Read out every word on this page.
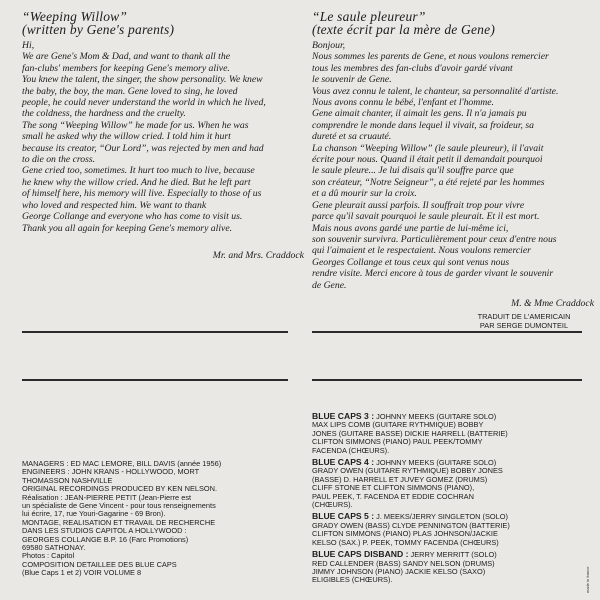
“Weeping Willow”
(written by Gene's parents)
Hi,
We are Gene's Mom & Dad, and want to thank all the
fan-clubs' members for keeping Gene's memory alive.
You knew the talent, the singer, the show personality. We knew
the baby, the boy, the man. Gene loved to sing, he loved
people, he could never understand the world in which he lived,
the coldness, the hardness and the cruelty.
The song “Weeping Willow” he made for us. When he was
small he asked why the willow cried. I told him it hurt
because its creator, “Our Lord”, was rejected by men and had
to die on the cross.
Gene cried too, sometimes. It hurt too much to live, because
he knew why the willow cried. And he died. But he left part
of himself here, his memory will live. Especially to those of us
who loved and respected him. We want to thank
George Collange and everyone who has come to visit us.
Thank you all again for keeping Gene's memory alive.
Mr. and Mrs. Craddock
“Le saule pleureur”
(texte écrit par la mère de Gene)
Bonjour,
Nous sommes les parents de Gene, et nous voulons remercier
tous les membres des fan-clubs d'avoir gardé vivant
le souvenir de Gene.
Vous avez connu le talent, le chanteur, sa personnalité d'artiste.
Nous avons connu le bébé, l'enfant et l'homme.
Gene aimait chanter, il aimait les gens. Il n'a jamais pu
comprendre le monde dans lequel il vivait, sa froideur, sa
dureté et sa cruauté.
La chanson “Weeping Willow” (le saule pleureur), il l'avait
écrite pour nous. Quand il était petit il demandait pourquoi
le saule pleure... Je lui disais qu'il souffre parce que
son créateur, “Notre Seigneur”, a été rejeté par les hommes
et a dû mourir sur la croix.
Gene pleurait aussi parfois. Il souffrait trop pour vivre
parce qu'il savait pourquoi le saule pleurait. Et il est mort.
Mais nous avons gardé une partie de lui-même ici,
son souvenir survivra. Particulièrement pour ceux d'entre nous
qui l'aimaient et le respectaient. Nous voulons remercier
Georges Collange et tous ceux qui sont venus nous
rendre visite. Merci encore à tous de garder vivant le souvenir
de Gene.
M. & Mme Craddock
TRADUIT DE L'AMERICAIN
PAR SERGE DUMONTEIL
MANAGERS : ED MAC LEMORE, BILL DAVIS (année 1956)
ENGINEERS : JOHN KRANS - HOLLYWOOD, MORT
THOMASSON NASHVILLE
ORIGINAL RECORDINGS PRODUCED BY KEN NELSON.
Réalisation : JEAN-PIERRE PETIT (Jean-Pierre est
un spécialiste de Gene Vincent - pour tous renseignements
lui écrire, 17, rue Youri-Gagarine - 69 Bron).
MONTAGE, REALISATION ET TRAVAIL DE RECHERCHE
DANS LES STUDIOS CAPITOL A HOLLYWOOD :
GEORGES COLLANGE B.P. 16 (Farc Promotions)
69580 SATHONAY.
Photos : Capitol
COMPOSITION DETAILLEE DES BLUE CAPS
(Blue Caps 1 et 2) VOIR VOLUME 8
BLUE CAPS 3 : JOHNNY MEEKS (GUITARE SOLO)
MAX LIPS COMB (GUITARE RYTHMIQUE) BOBBY
JONES (GUITARE BASSE) DICKIE HARRELL (BATTERIE)
CLIFTON SIMMONS (PIANO) PAUL PEEK/TOMMY
FACENDA (CHŒURS).
BLUE CAPS 4 : JOHNNY MEEKS (GUITARE SOLO)
GRADY OWEN (GUITARE RYTHMIQUE) BOBBY JONES
(BASSE) D. HARRELL ET JUVEY GOMEZ (DRUMS)
CLIFF STONE ET CLIFTON SIMMONS (PIANO),
PAUL PEEK, T. FACENDA ET EDDIE COCHRAN
(CHŒURS).
BLUE CAPS 5 : J. MEEKS/JERRY SINGLETON (SOLO)
GRADY OWEN (BASS) CLYDE PENNINGTON (BATTERIE)
CLIFTON SIMMONS (PIANO) PLAS JOHNSON/JACKIE
KELSO (SAX.) P. PEEK, TOMMY FACENDA (CHŒURS)
BLUE CAPS DISBAND : JERRY MERRITT (SOLO)
RED CALLENDER (BASS) SANDY NELSON (DRUMS)
JIMMY JOHNSON (PIANO) JACKIE KELSO (SAXO)
ELIGIBLES (CHŒURS).	made in france
